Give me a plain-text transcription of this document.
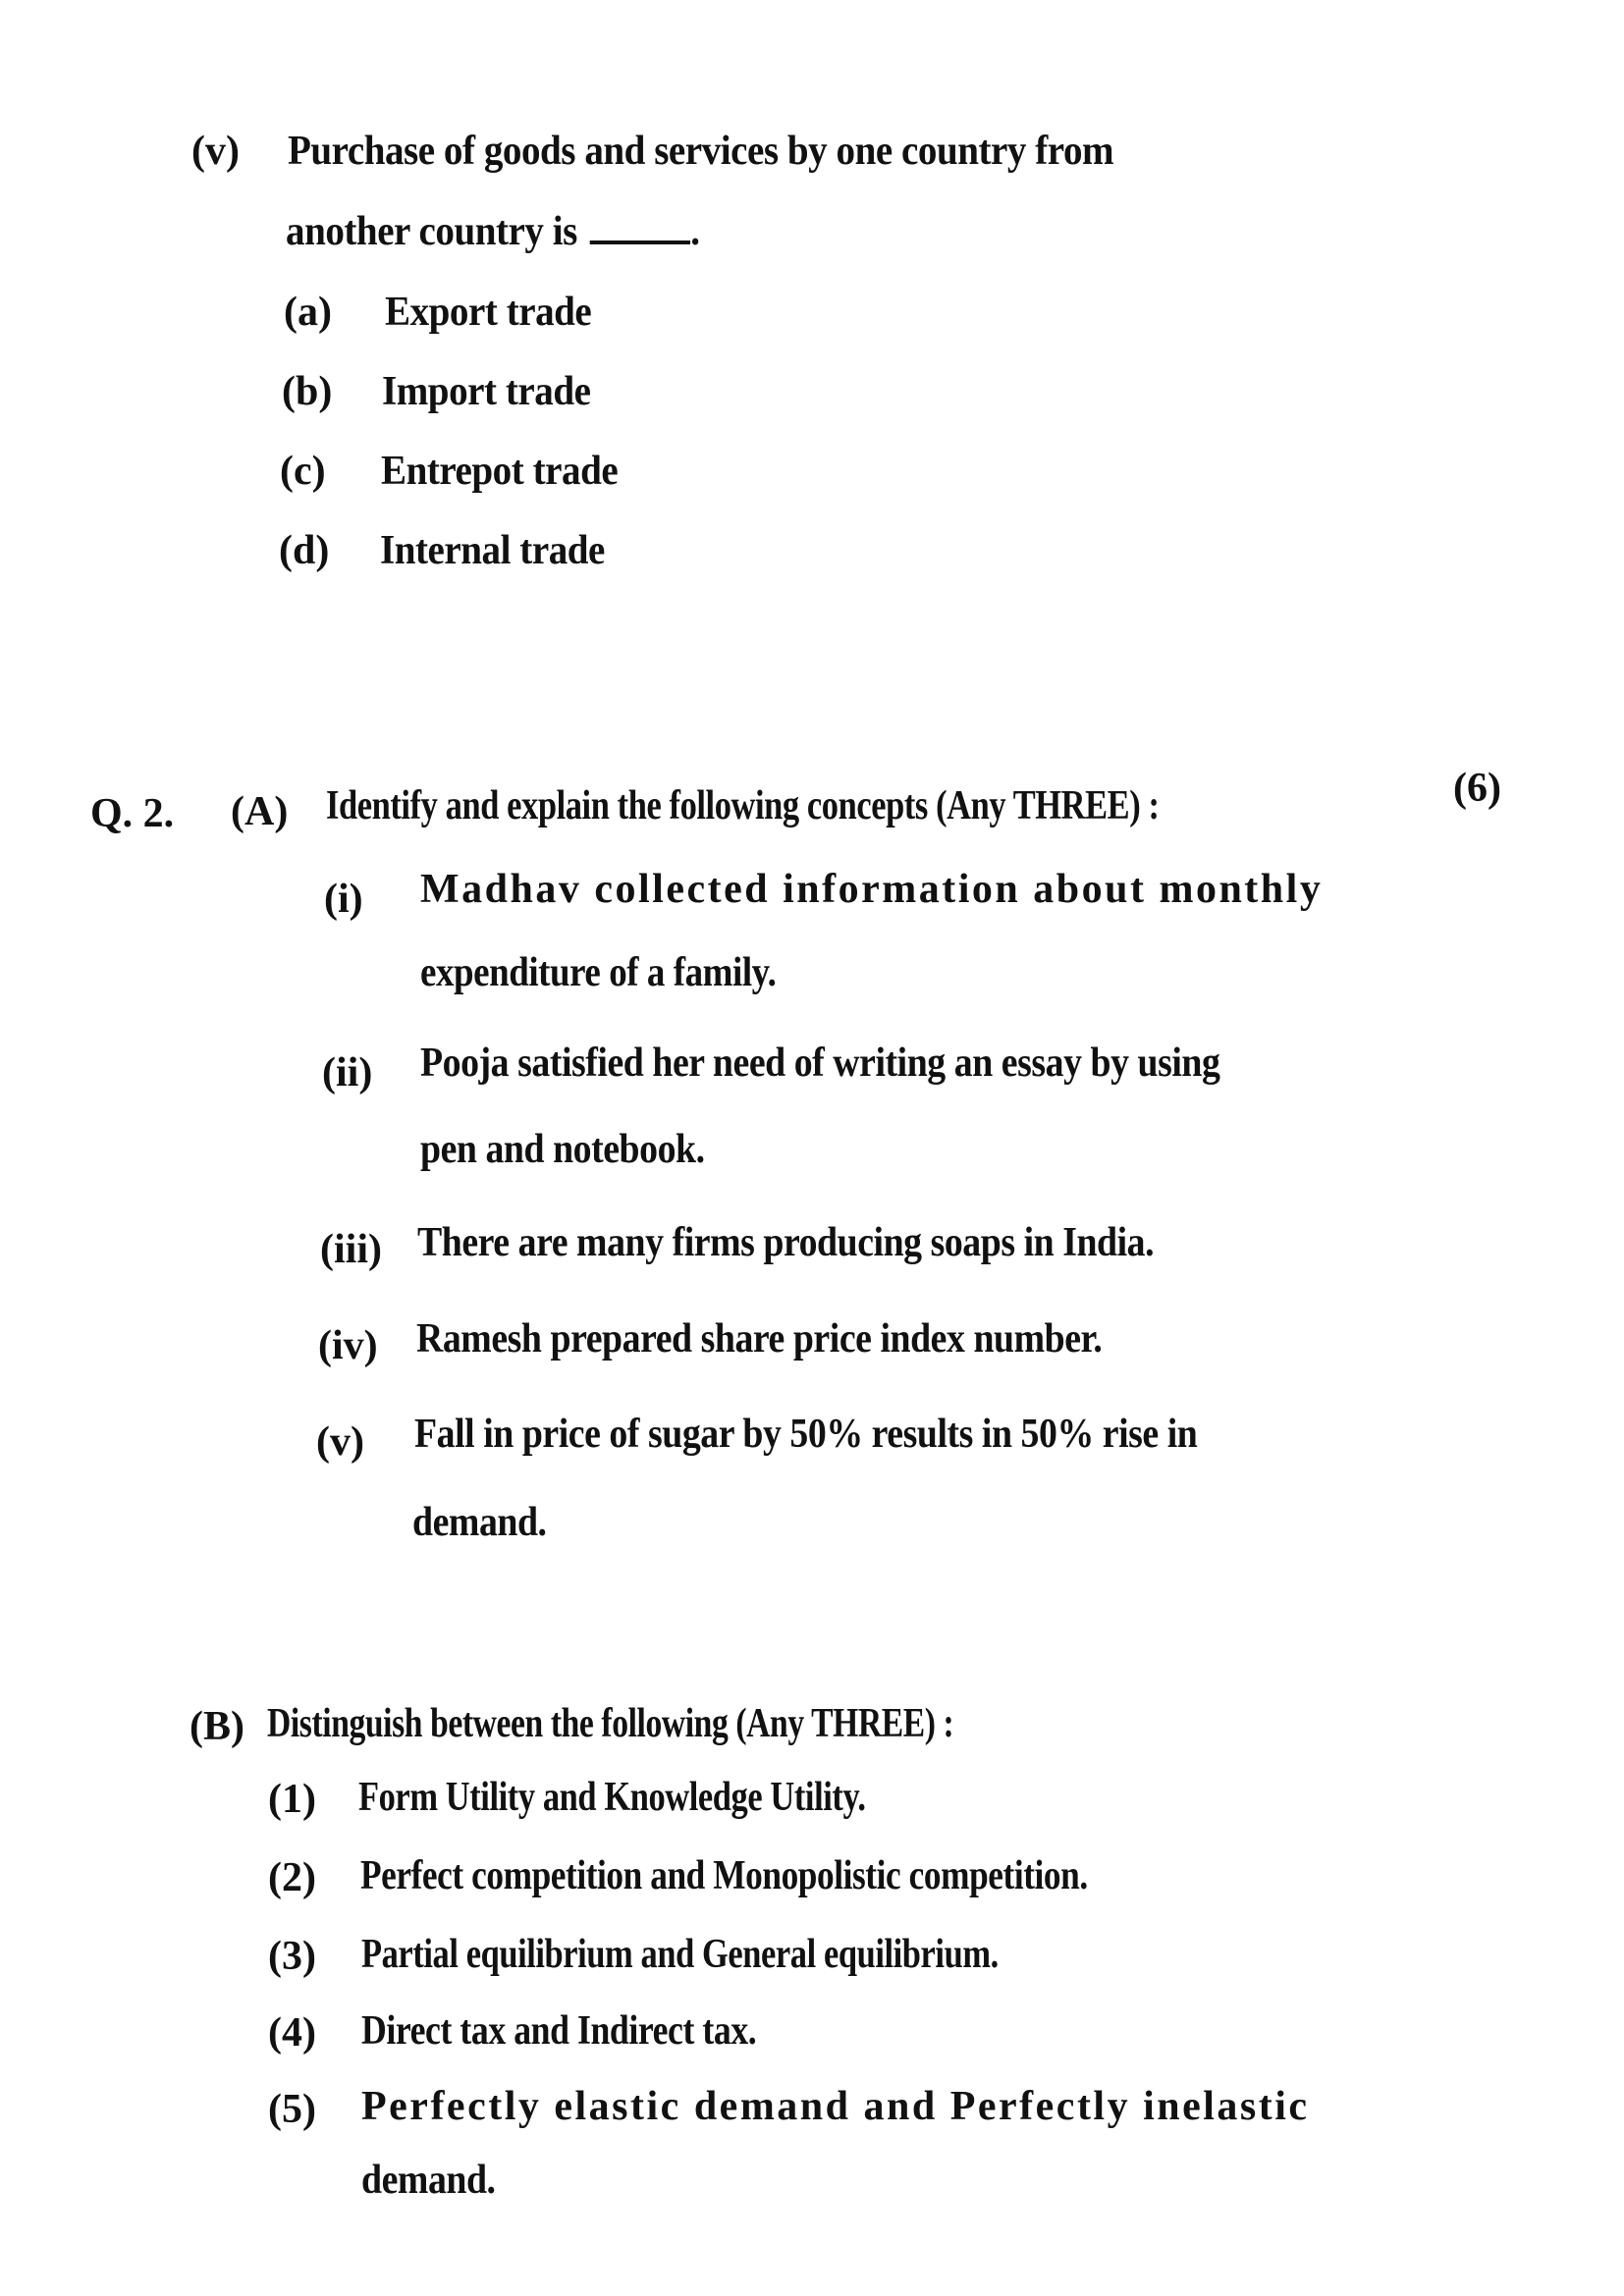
(v) Purchase of goods and services by one country from
another country is	.
(a) Export trade
(b) Import trade
(c) Entrepot trade
(d) Internal trade
Q. 2. (A) Identify and explain the following concepts (Any THREE) :	(6)
(i) Madhav collected information about monthly
expenditure of a family.
(ii) Pooja satisfied her need of writing an essay by using
pen and notebook.
(iii) There are many firms producing soaps in India.
(iv) Ramesh prepared share price index number.
(v) Fall in price of sugar by 50% results in 50% rise in
demand.
(B) Distinguish between the following (Any THREE) :
(1) Form Utility and Knowledge Utility.
(2) Perfect competition and Monopolistic competition.
(3) Partial equilibrium and General equilibrium.
(4) Direct tax and Indirect tax.
(5) Perfectly elastic demand and Perfectly inelastic
demand.
